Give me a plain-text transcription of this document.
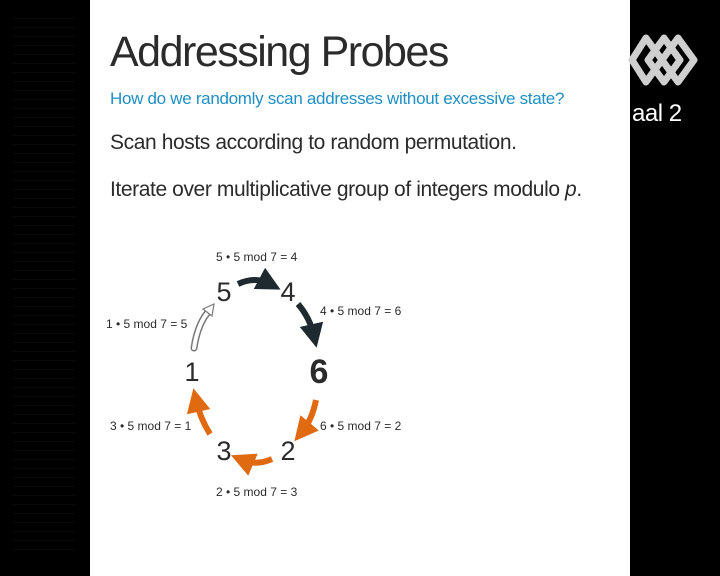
Addressing Probes
How do we randomly scan addresses without excessive state?
Scan hosts according to random permutation.
Iterate over multiplicative group of integers modulo p.
5 4
6
2
3
1
5 • 5 mod 7 = 4
4 • 5 mod 7 = 6
6 • 5 mod 7 = 2
2 • 5 mod 7 = 3
3 • 5 mod 7 = 1
1 • 5 mod 7 = 5
aal 2
